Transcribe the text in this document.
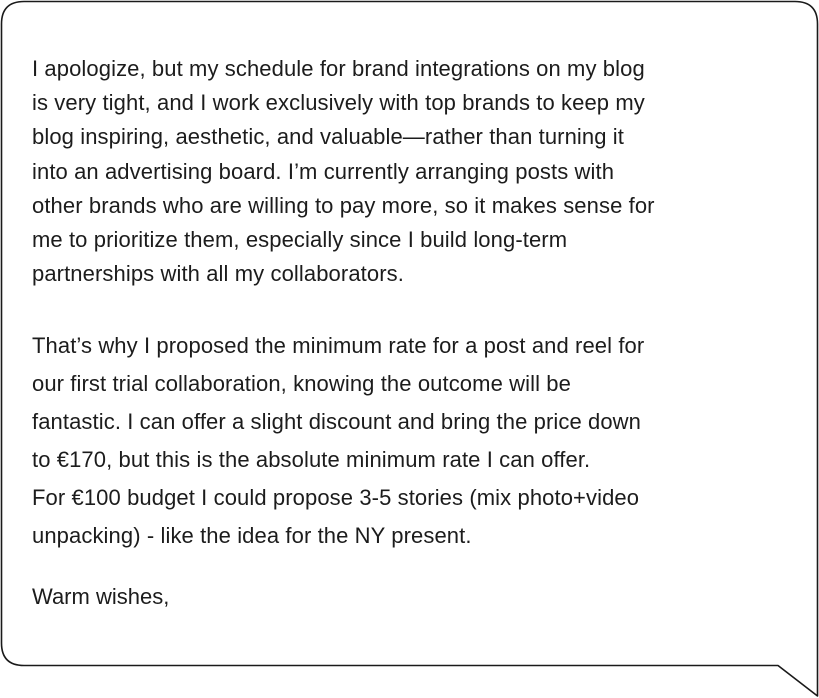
I apologize, but my schedule for brand integrations on my blog
is very tight, and I work exclusively with top brands to keep my
blog inspiring, aesthetic, and valuable—rather than turning it
into an advertising board. I’m currently arranging posts with
other brands who are willing to pay more, so it makes sense for
me to prioritize them, especially since I build long-term
partnerships with all my collaborators.

That’s why I proposed the minimum rate for a post and reel for
our first trial collaboration, knowing the outcome will be
fantastic. I can offer a slight discount and bring the price down
to €170, but this is the absolute minimum rate I can offer.
For €100 budget I could propose 3-5 stories (mix photo+video
unpacking) - like the idea for the NY present.

Warm wishes,
